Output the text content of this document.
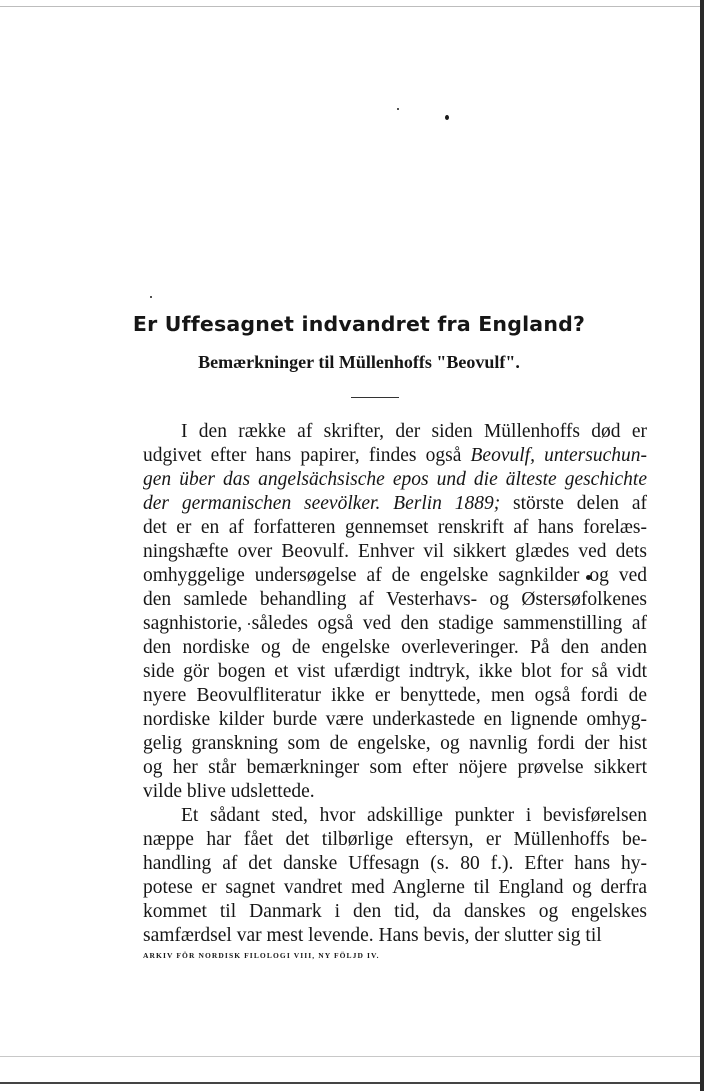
Er Uffesagnet indvandret fra England?
Bemærkninger til Müllenhoffs "Beovulf".
I den række af skrifter, der siden Müllenhoffs død er
udgivet efter hans papirer, findes også Beovulf, untersuchun-
gen über das angelsächsische epos und die älteste geschichte
der germanischen seevölker. Berlin 1889; störste delen af
det er en af forfatteren gennemset renskrift af hans forelæs-
ningshæfte over Beovulf. Enhver vil sikkert glædes ved dets
omhyggelige undersøgelse af de engelske sagnkilder og ved
den samlede behandling af Vesterhavs- og Østersøfolkenes
sagnhistorie, således også ved den stadige sammenstilling af
den nordiske og de engelske overleveringer. På den anden
side gör bogen et vist ufærdigt indtryk, ikke blot for så vidt
nyere Beovulfliteratur ikke er benyttede, men også fordi de
nordiske kilder burde være underkastede en lignende omhyg-
gelig granskning som de engelske, og navnlig fordi der hist
og her står bemærkninger som efter nöjere prøvelse sikkert
vilde blive udslettede.
Et sådant sted, hvor adskillige punkter i bevisførelsen
næppe har fået det tilbørlige eftersyn, er Müllenhoffs be-
handling af det danske Uffesagn (s. 80 f.). Efter hans hy-
potese er sagnet vandret med Anglerne til England og derfra
kommet til Danmark i den tid, da danskes og engelskes
samfærdsel var mest levende. Hans bevis, der slutter sig til
ARKIV FÖR NORDISK FILOLOGI VIII, NY FÖLJD IV.
